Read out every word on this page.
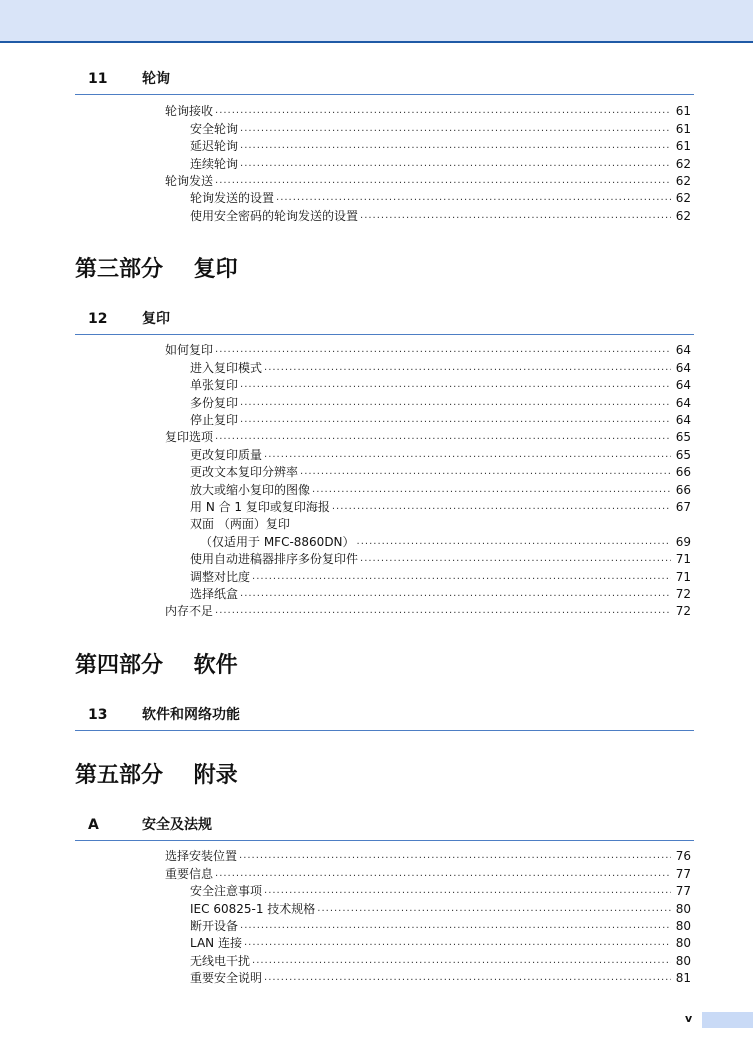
11 轮询
轮询接收 .....	61
安全轮询 .....	61
延迟轮询 .....	61
连续轮询 .....	62
轮询发送 .....	62
轮询发送的设置 .....	62
使用安全密码的轮询发送的设置 .....	62
第三部分    复印
12 复印
如何复印 .....	64
进入复印模式 .....	64
单张复印 .....	64
多份复印 .....	64
停止复印 .....	64
复印选项 .....	65
更改复印质量 .....	65
更改文本复印分辨率 .....	66
放大或缩小复印的图像 .....	66
用 N 合 1 复印或复印海报 .....	67
双面 （两面）复印
（仅适用于 MFC-8860DN） .....	69
使用自动进稿器排序多份复印件 .....	71
调整对比度 .....	71
选择纸盒 .....	72
内存不足 .....	72
第四部分    软件
13 软件和网络功能
第五部分    附录
A	安全及法规
选择安装位置 .....	76
重要信息 .....	77
安全注意事项 .....	77
IEC 60825-1 技术规格 .....	80
断开设备 .....	80
LAN 连接 .....	80
无线电干扰 .....	80
重要安全说明 .....	81
v
